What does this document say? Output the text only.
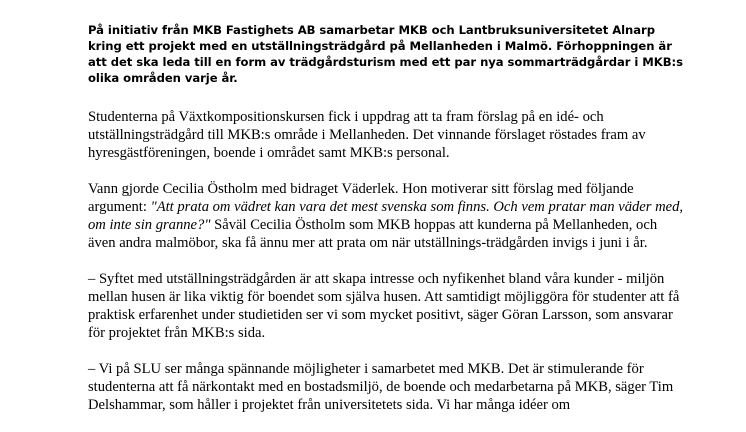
På initiativ från MKB Fastighets AB samarbetar MKB och Lantbruksuniversitetet Alnarp kring ett projekt med en utställningsträdgård på Mellanheden i Malmö. Förhoppningen är att det ska leda till en form av trädgårdsturism med ett par nya sommarträdgårdar i MKB:s olika områden varje år.

Studenterna på Växtkompositionskursen fick i uppdrag att ta fram förslag på en idé- och utställningsträdgård till MKB:s område i Mellanheden. Det vinnande förslaget röstades fram av hyresgästföreningen, boende i området samt MKB:s personal.

Vann gjorde Cecilia Östholm med bidraget Väderlek. Hon motiverar sitt förslag med följande argument: "Att prata om vädret kan vara det mest svenska som finns. Och vem pratar man väder med, om inte sin granne?" Såväl Cecilia Östholm som MKB hoppas att kunderna på Mellanheden, och även andra malmöbor, ska få ännu mer att prata om när utställnings-trädgården invigs i juni i år.

– Syftet med utställningsträdgården är att skapa intresse och nyfikenhet bland våra kunder - miljön mellan husen är lika viktig för boendet som själva husen. Att samtidigt möjliggöra för studenter att få praktisk erfarenhet under studietiden ser vi som mycket positivt, säger Göran Larsson, som ansvarar för projektet från MKB:s sida.

– Vi på SLU ser många spännande möjligheter i samarbetet med MKB. Det är stimulerande för studenterna att få närkontakt med en bostadsmiljö, de boende och medarbetarna på MKB, säger Tim Delshammar, som håller i projektet från universitetets sida. Vi har många idéer om
